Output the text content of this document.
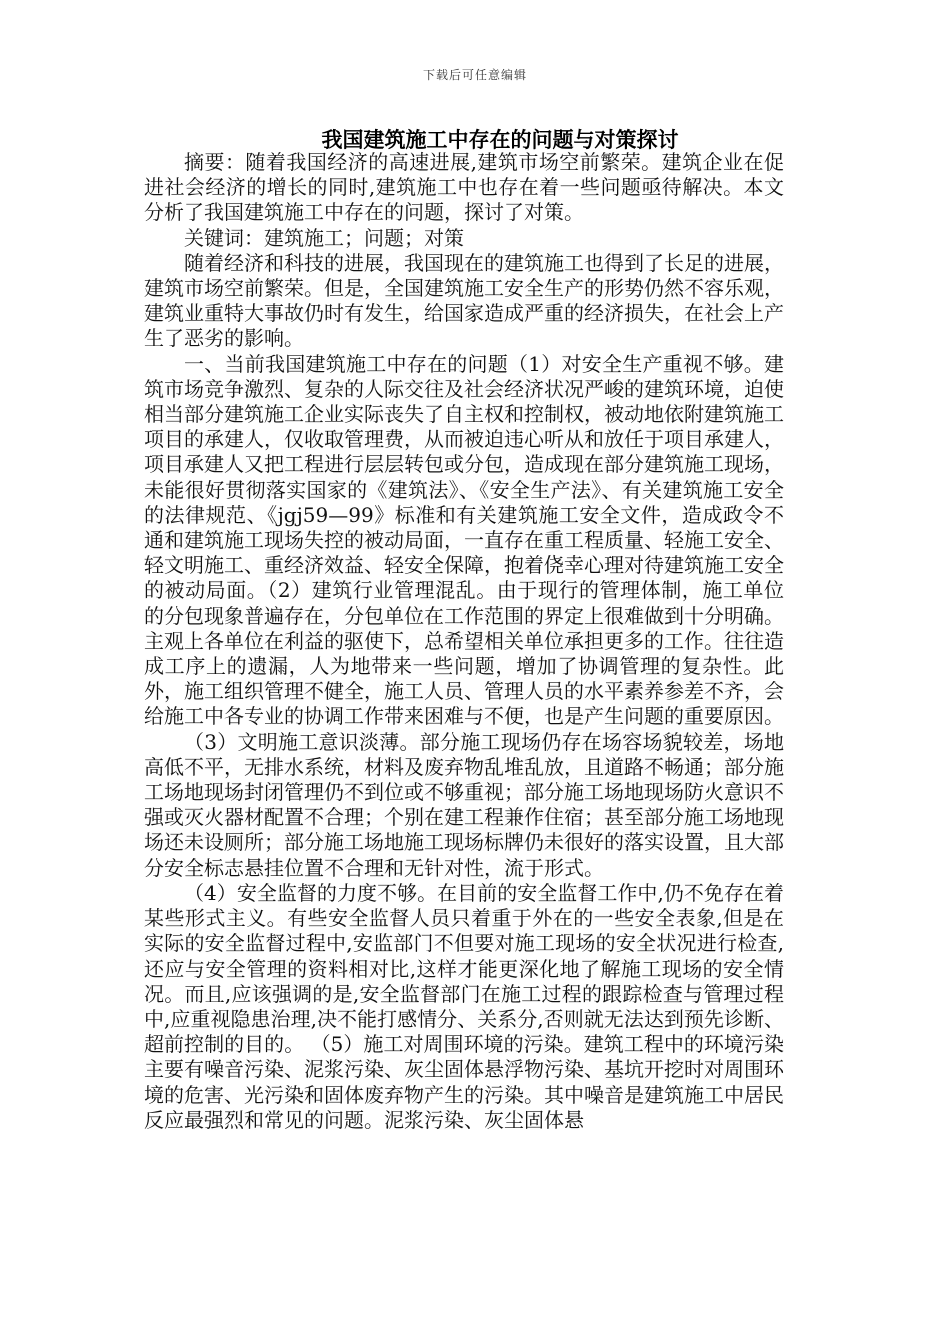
下载后可任意编辑
我国建筑施工中存在的问题与对策探讨

摘要：随着我国经济的高速进展,建筑市场空前繁荣。建筑企业在促进社会经济的增长的同时,建筑施工中也存在着一些问题亟待解决。本文分析了我国建筑施工中存在的问题，探讨了对策。

关键词：建筑施工；问题；对策

随着经济和科技的进展，我国现在的建筑施工也得到了长足的进展，建筑市场空前繁荣。但是，全国建筑施工安全生产的形势仍然不容乐观，建筑业重特大事故仍时有发生，给国家造成严重的经济损失，在社会上产生了恶劣的影响。

一、当前我国建筑施工中存在的问题（1）对安全生产重视不够。建筑市场竞争激烈、复杂的人际交往及社会经济状况严峻的建筑环境，迫使相当部分建筑施工企业实际丧失了自主权和控制权，被动地依附建筑施工项目的承建人，仅收取管理费，从而被迫违心听从和放任于项目承建人，项目承建人又把工程进行层层转包或分包，造成现在部分建筑施工现场，未能很好贯彻落实国家的《建筑法》、《安全生产法》、有关建筑施工安全的法律规范、《jgj59—99》标准和有关建筑施工安全文件，造成政令不通和建筑施工现场失控的被动局面，一直存在重工程质量、轻施工安全、轻文明施工、重经济效益、轻安全保障，抱着侥幸心理对待建筑施工安全的被动局面。（2）建筑行业管理混乱。由于现行的管理体制，施工单位的分包现象普遍存在，分包单位在工作范围的界定上很难做到十分明确。主观上各单位在利益的驱使下，总希望相关单位承担更多的工作。往往造成工序上的遗漏，人为地带来一些问题，增加了协调管理的复杂性。此外，施工组织管理不健全，施工人员、管理人员的水平素养参差不齐，会给施工中各专业的协调工作带来困难与不便，也是产生问题的重要原因。

（3）文明施工意识淡薄。部分施工现场仍存在场容场貌较差，场地高低不平，无排水系统，材料及废弃物乱堆乱放，且道路不畅通；部分施工场地现场封闭管理仍不到位或不够重视；部分施工场地现场防火意识不强或灭火器材配置不合理；个别在建工程兼作住宿；甚至部分施工场地现场还未设厕所；部分施工场地施工现场标牌仍未很好的落实设置，且大部分安全标志悬挂位置不合理和无针对性，流于形式。

（4）安全监督的力度不够。在目前的安全监督工作中,仍不免存在着某些形式主义。有些安全监督人员只着重于外在的一些安全表象,但是在实际的安全监督过程中,安监部门不但要对施工现场的安全状况进行检查,还应与安全管理的资料相对比,这样才能更深化地了解施工现场的安全情况。而且,应该强调的是,安全监督部门在施工过程的跟踪检查与管理过程中,应重视隐患治理,决不能打感情分、关系分,否则就无法达到预先诊断、超前控制的目的。 （5）施工对周围环境的污染。建筑工程中的环境污染主要有噪音污染、泥浆污染、灰尘固体悬浮物污染、基坑开挖时对周围环境的危害、光污染和固体废弃物产生的污染。其中噪音是建筑施工中居民反应最强烈和常见的问题。泥浆污染、灰尘固体悬
